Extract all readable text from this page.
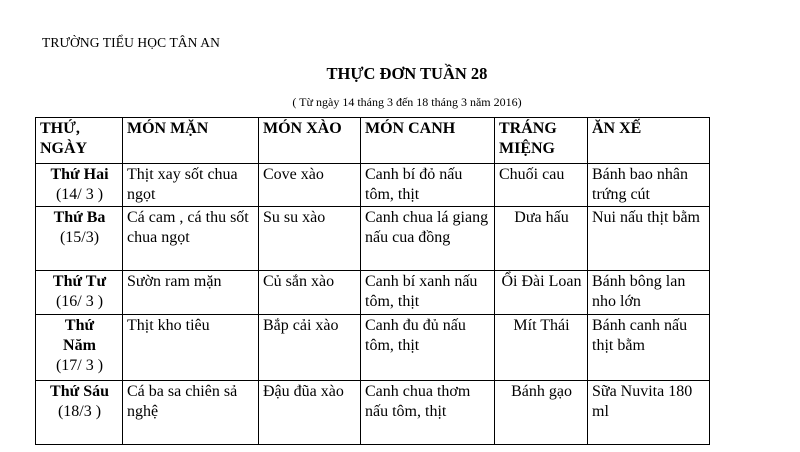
TRƯỜNG TIỂU HỌC TÂN AN
THỰC ĐƠN TUẦN 28
( Từ ngày 14 tháng 3 đến 18 tháng 3 năm 2016)
THỨ, NGÀY	MÓN MẶN	MÓN XÀO	MÓN CANH	TRÁNG MIỆNG	ĂN XẾ

Thứ Hai
(14/ 3 )	Thịt xay sốt chua ngọt	Cove xào	Canh bí đỏ nấu tôm, thịt	Chuối cau	Bánh bao nhân trứng cút

Thứ Ba
(15/3)	Cá cam , cá thu sốt chua ngọt	Su su xào	Canh chua lá giang nấu cua đồng	Dưa hấu	Nui nấu thịt bằm

Thứ Tư
(16/ 3 )	Sườn ram mặn	Củ sắn xào	Canh bí xanh nấu tôm, thịt	Ổi Đài Loan	Bánh bông lan nho lớn

Thứ Năm
(17/ 3 )	Thịt kho tiêu	Bắp cải xào	Canh đu đủ nấu tôm, thịt	Mít Thái	Bánh canh nấu thịt bằm

Thứ Sáu
(18/3 )	Cá ba sa chiên sả nghệ	Đậu đũa xào	Canh chua thơm nấu tôm, thịt	Bánh gạo	Sữa Nuvita 180 ml
